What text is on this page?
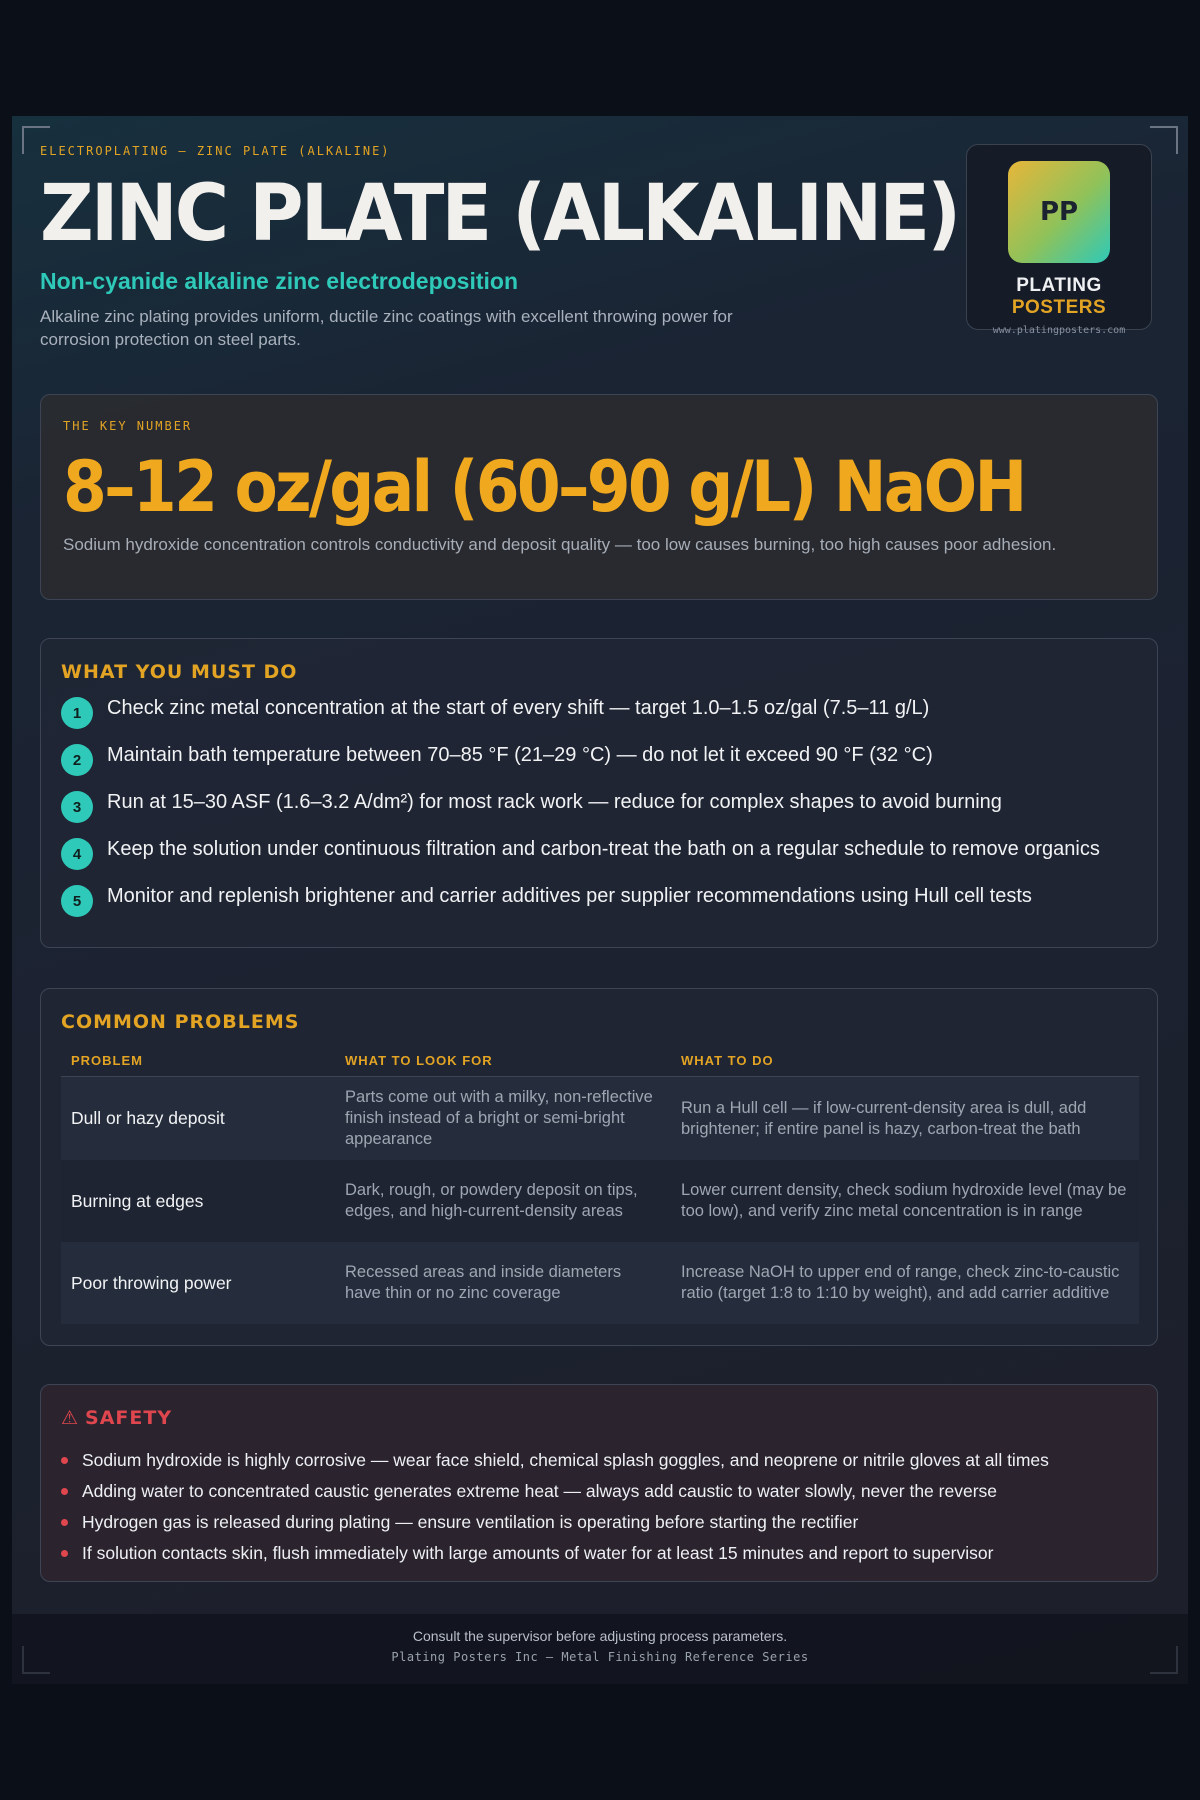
ELECTROPLATING — ZINC PLATE (ALKALINE)
ZINC PLATE (ALKALINE)
Non-cyanide alkaline zinc electrodeposition
Alkaline zinc plating provides uniform, ductile zinc coatings with excellent throwing power for corrosion protection on steel parts.
PP
PLATING POSTERS
www.platingposters.com
THE KEY NUMBER
8–12 oz/gal (60–90 g/L) NaOH
Sodium hydroxide concentration controls conductivity and deposit quality — too low causes burning, too high causes poor adhesion.
WHAT YOU MUST DO
1	Check zinc metal concentration at the start of every shift — target 1.0–1.5 oz/gal (7.5–11 g/L)
2	Maintain bath temperature between 70–85 °F (21–29 °C) — do not let it exceed 90 °F (32 °C)
3	Run at 15–30 ASF (1.6–3.2 A/dm²) for most rack work — reduce for complex shapes to avoid burning
4	Keep the solution under continuous filtration and carbon-treat the bath on a regular schedule to remove organics
5	Monitor and replenish brightener and carrier additives per supplier recommendations using Hull cell tests
COMMON PROBLEMS
PROBLEM	WHAT TO LOOK FOR	WHAT TO DO
Dull or hazy deposit	Parts come out with a milky, non-reflective finish instead of a bright or semi-bright appearance	Run a Hull cell — if low-current-density area is dull, add brightener; if entire panel is hazy, carbon-treat the bath
Burning at edges	Dark, rough, or powdery deposit on tips, edges, and high-current-density areas	Lower current density, check sodium hydroxide level (may be too low), and verify zinc metal concentration is in range
Poor throwing power	Recessed areas and inside diameters have thin or no zinc coverage	Increase NaOH to upper end of range, check zinc-to-caustic ratio (target 1:8 to 1:10 by weight), and add carrier additive
⚠ SAFETY
Sodium hydroxide is highly corrosive — wear face shield, chemical splash goggles, and neoprene or nitrile gloves at all times
Adding water to concentrated caustic generates extreme heat — always add caustic to water slowly, never the reverse
Hydrogen gas is released during plating — ensure ventilation is operating before starting the rectifier
If solution contacts skin, flush immediately with large amounts of water for at least 15 minutes and report to supervisor
Consult the supervisor before adjusting process parameters.
Plating Posters Inc — Metal Finishing Reference Series
